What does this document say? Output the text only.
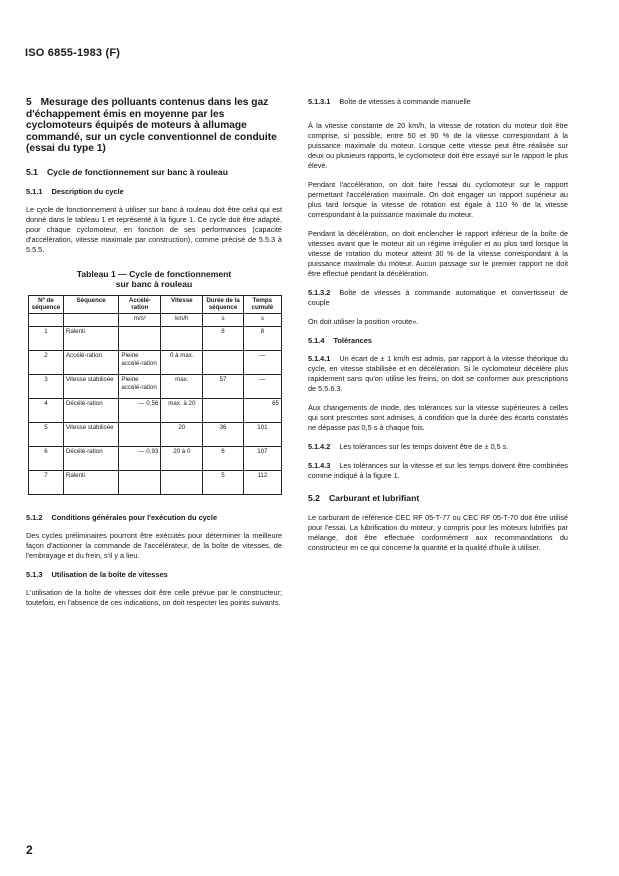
ISO 6855-1983 (F)
5 Mesurage des polluants contenus dans les gaz d'échappement émis en moyenne par les cyclomoteurs équipés de moteurs à allumage commandé, sur un cycle conventionnel de conduite (essai du type 1)
5.1 Cycle de fonctionnement sur banc à rouleau
5.1.1 Description du cycle

Le cycle de fonctionnement à utiliser sur banc à rouleau doit être celui qui est donné dans le tableau 1 et représenté à la figure 1. Ce cycle doit être adapté, pour chaque cyclomoteur, en fonction de ses performances (capacité d'accélération, vitesse maximale par construction), comme précisé de 5.5.3 à 5.5.5.

Tableau 1 — Cycle de fonctionnement
sur banc à rouleau
Nº de séquence	Séquence	Accélé-ration	Vitesse	Durée de la séquence	Temps cumulé
		m/s²	km/h	s	s
1	Ralenti			8	8
2	Accélé-ration	Pleine accélé-ration	0 à max.		—
3	Vitesse stabilisée	Pleine accélé-ration	max.	57	—
4	Décélé-ration	— 0,56	max. à 20		65
5	Vitesse stabilisée		20	36	101
6	Décélé-ration	— 0,93	20 à 0	6	107
7	Ralenti			5	112
5.1.2 Conditions générales pour l'exécution du cycle

Des cycles préliminaires pourront être exécutés pour déterminer la meilleure façon d'actionner la commande de l'accélérateur, de la boîte de vitesses, de l'embrayage et du frein, s'il y a lieu.

5.1.3 Utilisation de la boîte de vitesses

L'utilisation de la boîte de vitesses doit être celle prévue par le constructeur; toutefois, en l'absence de ces indications, on doit respecter les points suivants.

5.1.3.1 Boîte de vitesses à commande manuelle

À la vitesse constante de 20 km/h, la vitesse de rotation du moteur doit être comprise, si possible, entre 50 et 90 % de la vitesse correspondant à la puissance maximale du moteur. Lorsque cette vitesse peut être réalisée sur deux ou plusieurs rapports, le cyclomoteur doit être essayé sur le rapport le plus élevé.

Pendant l'accélération, on doit faire l'essai du cyclomoteur sur le rapport permettant l'accélération maximale. On doit engager un rapport supérieur au plus tard lorsque la vitesse de rotation est égale à 110 % de la vitesse correspondant à la puissance maximale du moteur.

Pendant la décélération, on doit enclencher le rapport inférieur de la boîte de vitesses avant que le moteur ait un régime irrégulier et au plus tard lorsque la vitesse de rotation du moteur atteint 30 % de la vitesse correspondant à la puissance maximale du moteur. Aucun passage sur le premier rapport ne doit être effectué pendant la décélération.

5.1.3.2 Boîte de vitesses à commande automatique et convertisseur de couple

On doit utiliser la position «route».

5.1.4 Tolérances

5.1.4.1 Un écart de ± 1 km/h est admis, par rapport à la vitesse théorique du cycle, en vitesse stabilisée et en décélération. Si le cyclomoteur décélère plus rapidement sans qu'on utilise les freins, on doit se conformer aux prescriptions de 5.5.6.3.

Aux changements de mode, des tolérances sur la vitesse supérieures à celles qui sont prescrites sont admises, à condition que la durée des écarts constatés ne dépasse pas 0,5 s à chaque fois.

5.1.4.2 Les tolérances sur les temps doivent être de ± 0,5 s.

5.1.4.3 Les tolérances sur la vitesse et sur les temps doivent être combinées comme indiqué à la figure 1.

5.2 Carburant et lubrifiant

Le carburant de référence CEC RF 05-T-77 ou CEC RF 05-T-70 doit être utilisé pour l'essai. La lubrification du moteur, y compris pour les moteurs lubrifiés par mélange, doit être effectuée conformément aux recommandations du constructeur en ce qui concerne la quantité et la qualité d'huile à utiliser.

2
